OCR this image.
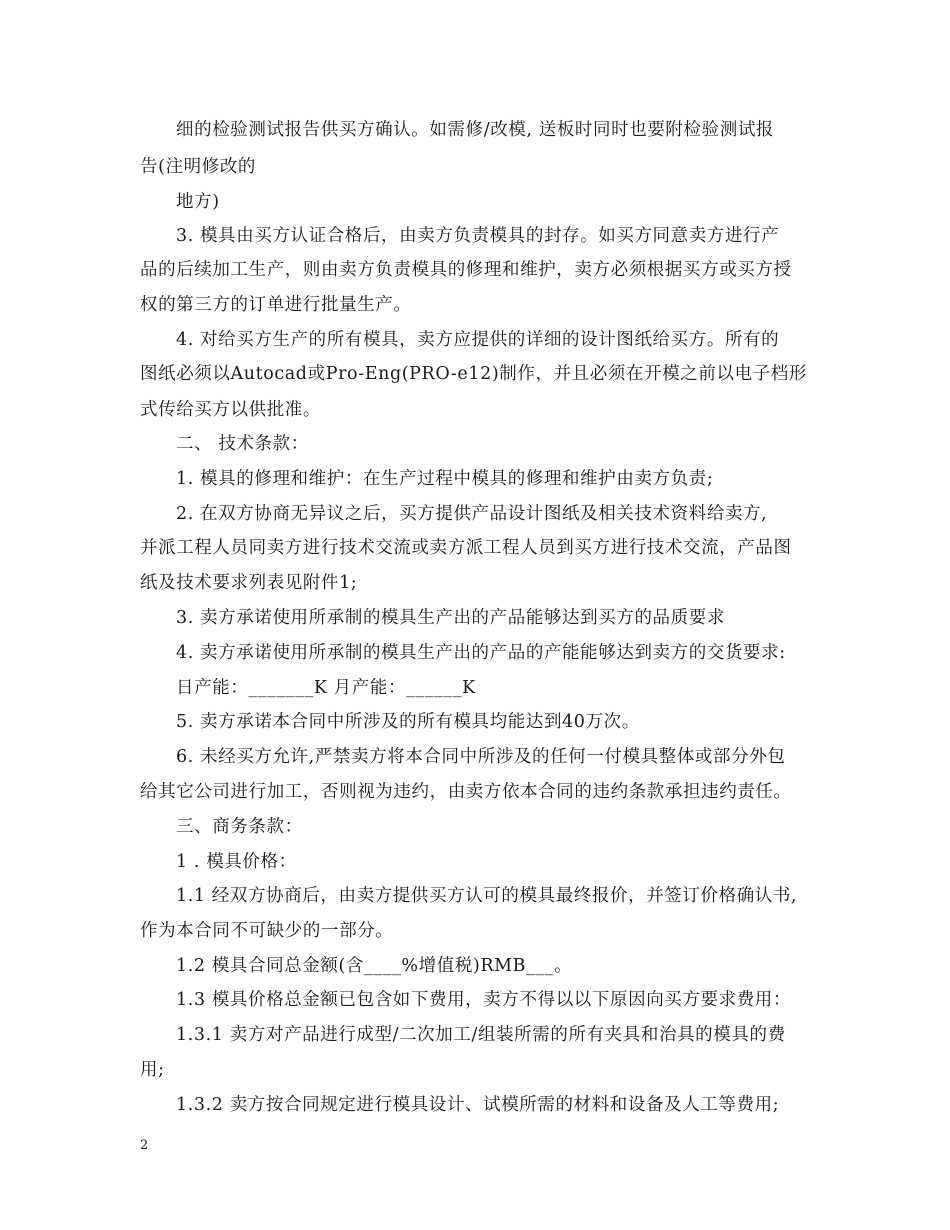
细的检验测试报告供买方确认。如需修/改模, 送板时同时也要附检验测试报
告(注明修改的
地方)
3. 模具由买方认证合格后，由卖方负责模具的封存。如买方同意卖方进行产
品的后续加工生产，则由卖方负责模具的修理和维护，卖方必须根据买方或买方授
权的第三方的订单进行批量生产。
4. 对给买方生产的所有模具，卖方应提供的详细的设计图纸给买方。所有的
图纸必须以Autocad或Pro-Eng(PRO-e12)制作，并且必须在开模之前以电子档形
式传给买方以供批准。
二、 技术条款：
1. 模具的修理和维护：在生产过程中模具的修理和维护由卖方负责;
2. 在双方协商无异议之后，买方提供产品设计图纸及相关技术资料给卖方,
并派工程人员同卖方进行技术交流或卖方派工程人员到买方进行技术交流，产品图
纸及技术要求列表见附件1;
3. 卖方承诺使用所承制的模具生产出的产品能够达到买方的品质要求
4. 卖方承诺使用所承制的模具生产出的产品的产能能够达到卖方的交货要求:
日产能：_______K 月产能：______K
5. 卖方承诺本合同中所涉及的所有模具均能达到40万次。
6. 未经买方允许,严禁卖方将本合同中所涉及的任何一付模具整体或部分外包
给其它公司进行加工，否则视为违约，由卖方依本合同的违约条款承担违约责任。
三、商务条款：
1 . 模具价格：
1.1 经双方协商后，由卖方提供买方认可的模具最终报价，并签订价格确认书,
作为本合同不可缺少的一部分。
1.2 模具合同总金额(含____%增值税)RMB___。
1.3 模具价格总金额已包含如下费用，卖方不得以以下原因向买方要求费用：
1.3.1 卖方对产品进行成型/二次加工/组装所需的所有夹具和治具的模具的费
用;
1.3.2 卖方按合同规定进行模具设计、试模所需的材料和设备及人工等费用;
2
